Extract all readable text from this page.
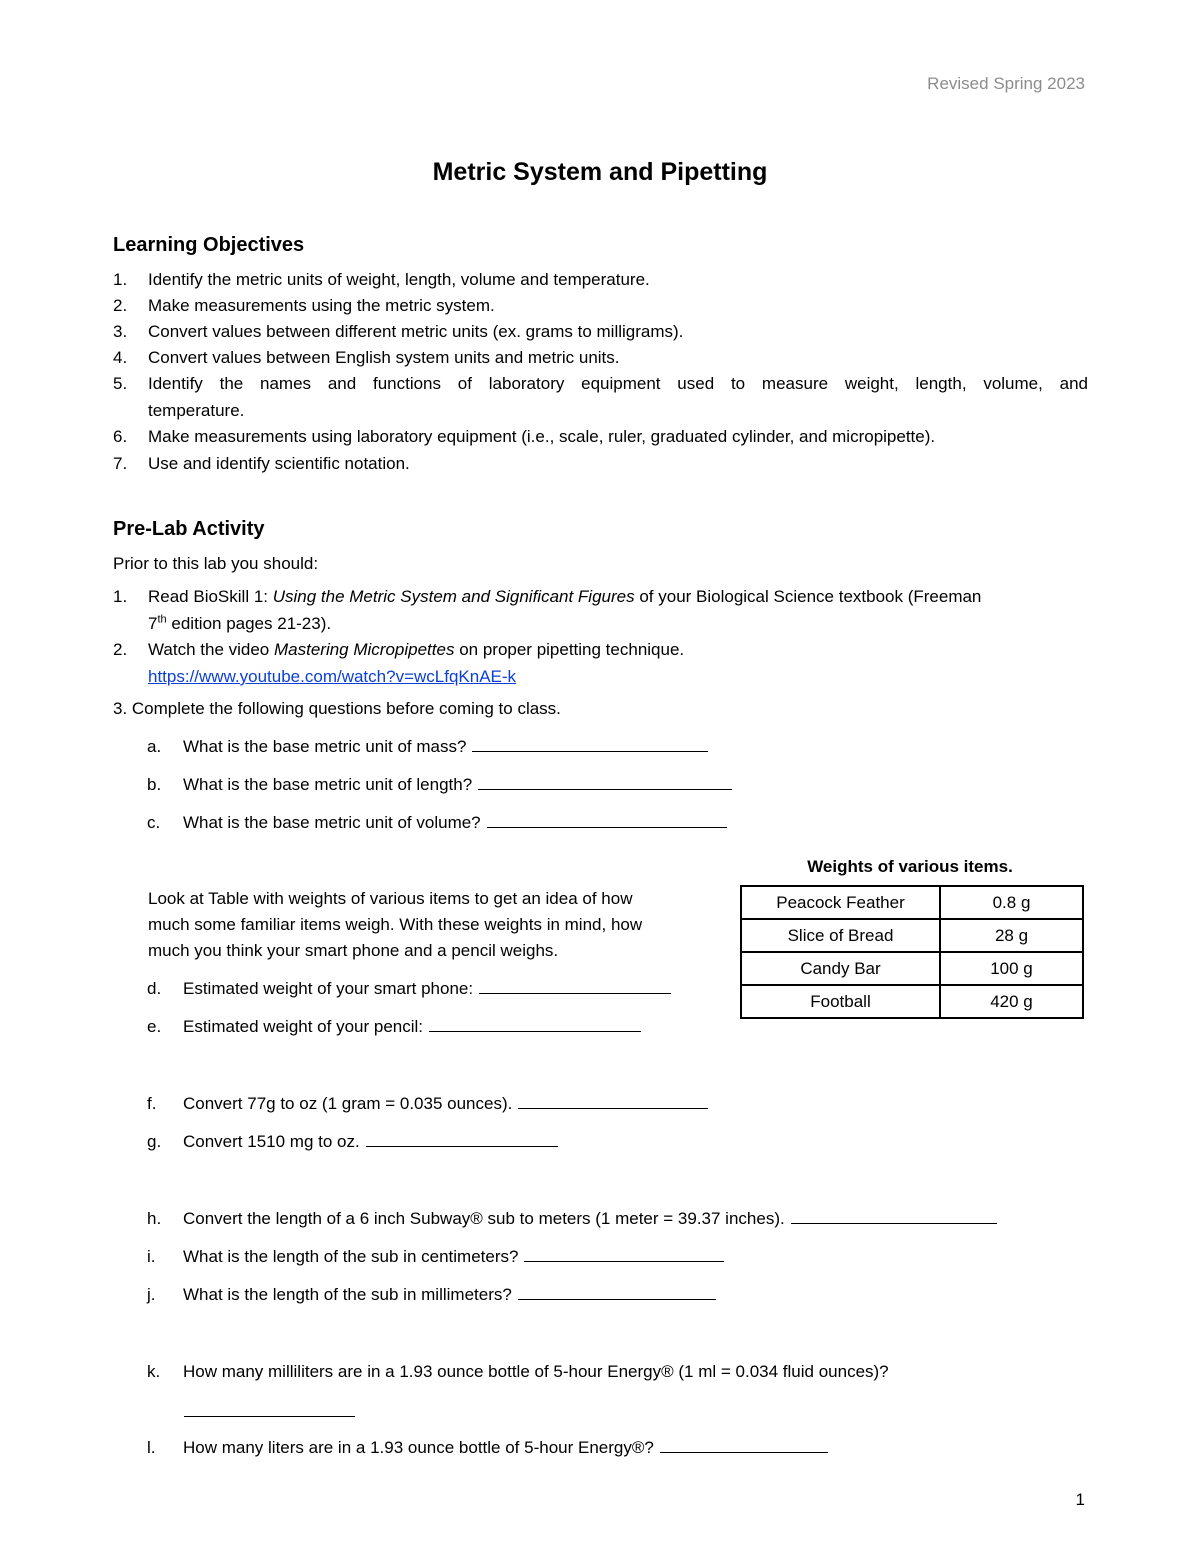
Revised Spring 2023
Metric System and Pipetting
Learning Objectives
1. Identify the metric units of weight, length, volume and temperature.
2. Make measurements using the metric system.
3. Convert values between different metric units (ex. grams to milligrams).
4. Convert values between English system units and metric units.
5. Identify the names and functions of laboratory equipment used to measure weight, length, volume, and
temperature.
6. Make measurements using laboratory equipment (i.e., scale, ruler, graduated cylinder, and micropipette).
7. Use and identify scientific notation.
Pre-Lab Activity
Prior to this lab you should:
1. Read BioSkill 1: Using the Metric System and Significant Figures of your Biological Science textbook (Freeman
7th edition pages 21-23).
2. Watch the video Mastering Micropipettes on proper pipetting technique.
https://www.youtube.com/watch?v=wcLfqKnAE-k
3. Complete the following questions before coming to class.
a. What is the base metric unit of mass?
b. What is the base metric unit of length?
c. What is the base metric unit of volume?
Look at Table with weights of various items to get an idea of how
much some familiar items weigh. With these weights in mind, how
much you think your smart phone and a pencil weighs.
d. Estimated weight of your smart phone:
e. Estimated weight of your pencil:
Weights of various items.
Peacock Feather	0.8 g
Slice of Bread	28 g
Candy Bar	100 g
Football	420 g
f. Convert 77g to oz (1 gram = 0.035 ounces).
g. Convert 1510 mg to oz.
h. Convert the length of a 6 inch Subway® sub to meters (1 meter = 39.37 inches).
i. What is the length of the sub in centimeters?
j. What is the length of the sub in millimeters?
k. How many milliliters are in a 1.93 ounce bottle of 5-hour Energy® (1 ml = 0.034 fluid ounces)?
l. How many liters are in a 1.93 ounce bottle of 5-hour Energy®?
1
